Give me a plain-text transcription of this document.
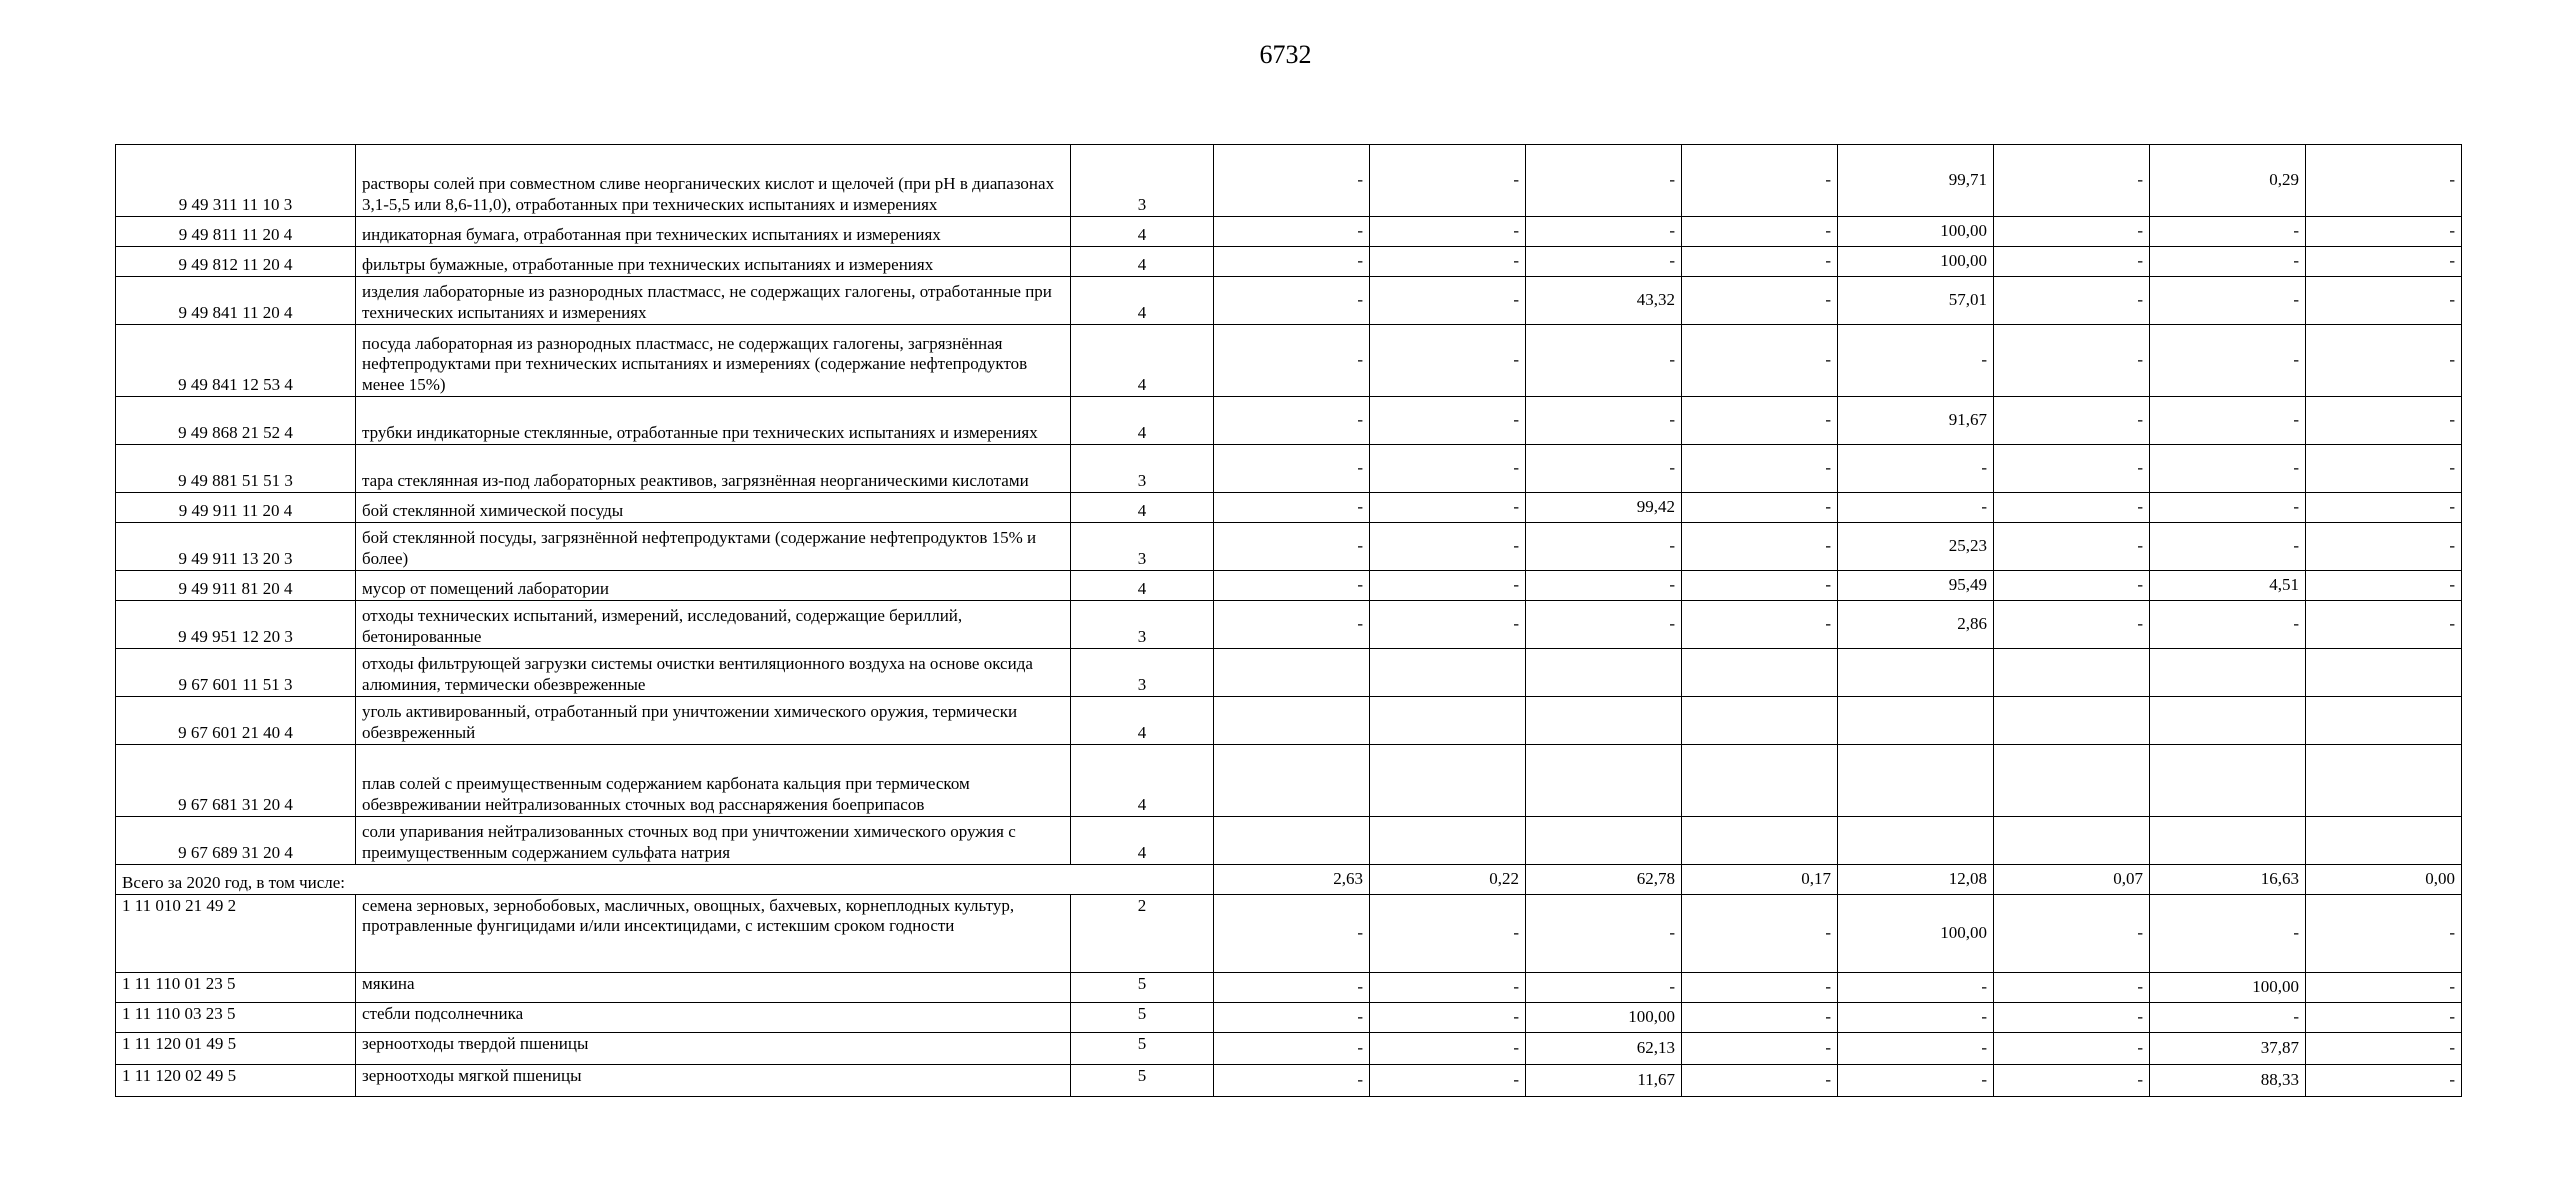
6732
9 49 311 11 10 3	растворы солей при совместном сливе неорганических кислот и щелочей (при рН в диапазонах 3,1-5,5 или 8,6-11,0), отработанных при технических испытаниях и измерениях	3	-	-	-	-	99,71	-	0,29	-
9 49 811 11 20 4	индикаторная бумага, отработанная при технических испытаниях и измерениях	4	-	-	-	-	100,00	-	-	-
9 49 812 11 20 4	фильтры бумажные, отработанные при технических испытаниях и измерениях	4	-	-	-	-	100,00	-	-	-
9 49 841 11 20 4	изделия лабораторные из разнородных пластмасс, не содержащих галогены, отработанные при технических испытаниях и измерениях	4	-	-	43,32	-	57,01	-	-	-
9 49 841 12 53 4	посуда лабораторная из разнородных пластмасс, не содержащих галогены, загрязнённая нефтепродуктами при технических испытаниях и измерениях (содержание нефтепродуктов менее 15%)	4	-	-	-	-	-	-	-	-
9 49 868 21 52 4	трубки индикаторные стеклянные, отработанные при технических испытаниях и измерениях	4	-	-	-	-	91,67	-	-	-
9 49 881 51 51 3	тара стеклянная из-под лабораторных реактивов, загрязнённая неорганическими кислотами	3	-	-	-	-	-	-	-	-
9 49 911 11 20 4	бой стеклянной химической посуды	4	-	-	99,42	-	-	-	-	-
9 49 911 13 20 3	бой стеклянной посуды, загрязнённой нефтепродуктами (содержание нефтепродуктов 15% и более)	3	-	-	-	-	25,23	-	-	-
9 49 911 81 20 4	мусор от помещений лаборатории	4	-	-	-	-	95,49	-	4,51	-
9 49 951 12 20 3	отходы технических испытаний, измерений, исследований, содержащие бериллий, бетонированные	3	-	-	-	-	2,86	-	-	-
9 67 601 11 51 3	отходы фильтрующей загрузки системы очистки вентиляционного воздуха на основе оксида алюминия, термически обезвреженные	3								
9 67 601 21 40 4	уголь активированный, отработанный при уничтожении химического оружия, термически обезвреженный	4								
9 67 681 31 20 4	плав солей с преимущественным содержанием карбоната кальция при термическом обезвреживании нейтрализованных сточных вод расснаряжения боеприпасов	4								
9 67 689 31 20 4	соли упаривания нейтрализованных сточных вод при уничтожении химического оружия с преимущественным содержанием сульфата натрия	4								
Всего за 2020 год, в том числе:			2,63	0,22	62,78	0,17	12,08	0,07	16,63	0,00
1 11 010 21 49 2	семена зерновых, зернобобовых, масличных, овощных, бахчевых, корнеплодных культур, протравленные фунгицидами и/или инсектицидами, с истекшим сроком годности	2	-	-	-	-	100,00	-	-	-
1 11 110 01 23 5	мякина	5	-	-	-	-	-	-	100,00	-
1 11 110 03 23 5	стебли подсолнечника	5	-	-	100,00	-	-	-	-	-
1 11 120 01 49 5	зерноотходы твердой пшеницы	5	-	-	62,13	-	-	-	37,87	-
1 11 120 02 49 5	зерноотходы мягкой пшеницы	5	-	-	11,67	-	-	-	88,33	-
